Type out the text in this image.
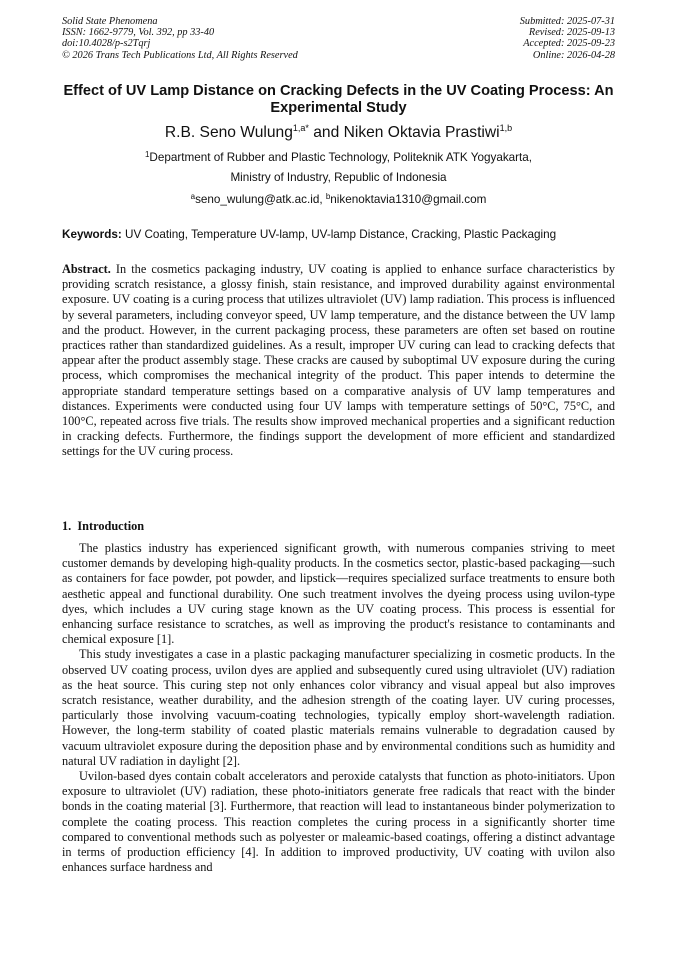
Solid State Phenomena
ISSN: 1662-9779, Vol. 392, pp 33-40
doi:10.4028/p-s2Tqrj
© 2026 Trans Tech Publications Ltd, All Rights Reserved
Submitted: 2025-07-31
Revised: 2025-09-13
Accepted: 2025-09-23
Online: 2026-04-28
Effect of UV Lamp Distance on Cracking Defects in the UV Coating Process: An Experimental Study
R.B. Seno Wulung$^{1,a*}$ and Niken Oktavia Prastiwi$^{1,b}$
$^1$Department of Rubber and Plastic Technology, Politeknik ATK Yogyakarta,
Ministry of Industry, Republic of Indonesia
$^a$seno_wulung@atk.ac.id, $^b$nikenoktavia1310@gmail.com
Keywords: UV Coating, Temperature UV-lamp, UV-lamp Distance, Cracking, Plastic Packaging
Abstract. In the cosmetics packaging industry, UV coating is applied to enhance surface characteristics by providing scratch resistance, a glossy finish, stain resistance, and improved durability against environmental exposure. UV coating is a curing process that utilizes ultraviolet (UV) lamp radiation. This process is influenced by several parameters, including conveyor speed, UV lamp temperature, and the distance between the UV lamp and the product. However, in the current packaging process, these parameters are often set based on routine practices rather than standardized guidelines. As a result, improper UV curing can lead to cracking defects that appear after the product assembly stage. These cracks are caused by suboptimal UV exposure during the curing process, which compromises the mechanical integrity of the product. This paper intends to determine the appropriate standard temperature settings based on a comparative analysis of UV lamp temperatures and distances. Experiments were conducted using four UV lamps with temperature settings of 50°C, 75°C, and 100°C, repeated across five trials. The results show improved mechanical properties and a significant reduction in cracking defects. Furthermore, the findings support the development of more efficient and standardized settings for the UV curing process.
1.  Introduction

The plastics industry has experienced significant growth, with numerous companies striving to meet customer demands by developing high-quality products. In the cosmetics sector, plastic-based packaging—such as containers for face powder, pot powder, and lipstick—requires specialized surface treatments to ensure both aesthetic appeal and functional durability. One such treatment involves the dyeing process using uvilon-type dyes, which includes a UV curing stage known as the UV coating process. This process is essential for enhancing surface resistance to scratches, as well as improving the product's resistance to contaminants and chemical exposure [1].

This study investigates a case in a plastic packaging manufacturer specializing in cosmetic products. In the observed UV coating process, uvilon dyes are applied and subsequently cured using ultraviolet (UV) radiation as the heat source. This curing step not only enhances color vibrancy and visual appeal but also improves scratch resistance, weather durability, and the adhesion strength of the coating layer. UV curing processes, particularly those involving vacuum-coating technologies, typically employ short-wavelength radiation. However, the long-term stability of coated plastic materials remains vulnerable to degradation caused by vacuum ultraviolet exposure during the deposition phase and by environmental conditions such as humidity and natural UV radiation in daylight [2].

Uvilon-based dyes contain cobalt accelerators and peroxide catalysts that function as photo-initiators. Upon exposure to ultraviolet (UV) radiation, these photo-initiators generate free radicals that react with the binder bonds in the coating material [3]. Furthermore, that reaction will lead to instantaneous binder polymerization to complete the coating process. This reaction completes the curing process in a significantly shorter time compared to conventional methods such as polyester or maleamic-based coatings, offering a distinct advantage in terms of production efficiency [4]. In addition to improved productivity, UV coating with uvilon also enhances surface hardness and
